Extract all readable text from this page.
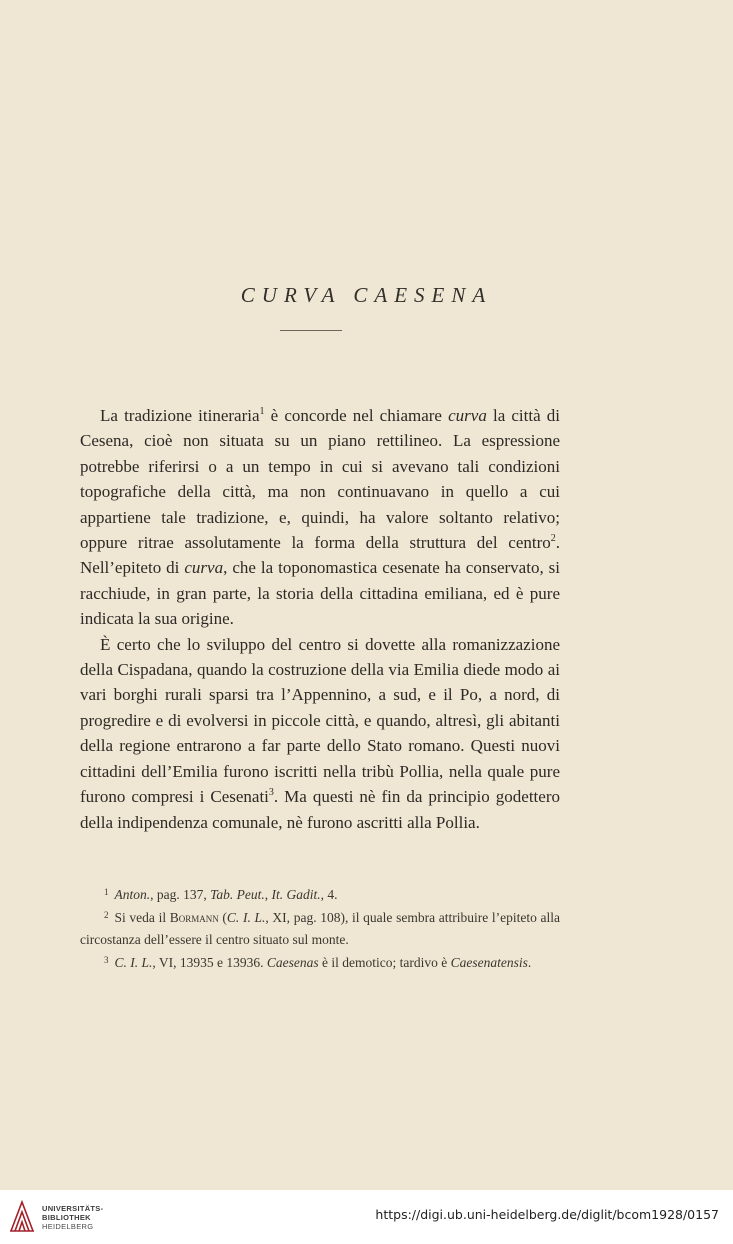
CURVA CAESENA

La tradizione itineraria$^1$ è concorde nel chiamare curva la città di Cesena, cioè non situata su un piano rettilineo. La espressione potrebbe riferirsi o a un tempo in cui si avevano tali condizioni topografiche della città, ma non continuavano in quello a cui appartiene tale tradizione, e, quindi, ha valore soltanto relativo; oppure ritrae assolutamente la forma della struttura del centro$^2$. Nell’epiteto di curva, che la toponomastica cesenate ha conservato, si racchiude, in gran parte, la storia della cittadina emiliana, ed è pure indicata la sua origine.

È certo che lo sviluppo del centro si dovette alla romanizzazione della Cispadana, quando la costruzione della via Emilia diede modo ai vari borghi rurali sparsi tra l’Appennino, a sud, e il Po, a nord, di progredire e di evolversi in piccole città, e quando, altresì, gli abitanti della regione entrarono a far parte dello Stato romano. Questi nuovi cittadini dell’Emilia furono iscritti nella tribù Pollia, nella quale pure furono compresi i Cesenati$^3$. Ma questi nè fin da principio godettero della indipendenza comunale, nè furono ascritti alla Pollia.

$^1$ Anton., pag. 137, Tab. Peut., It. Gadit., 4.

$^2$ Si veda il Bormann (C. I. L., XI, pag. 108), il quale sembra attribuire l’epiteto alla circostanza dell’essere il centro situato sul monte.

$^3$ C. I. L., VI, 13935 e 13936. Caesenas è il demotico; tardivo è Caesenatensis.

UNIVERSITÄTS-
BIBLIOTHEK
HEIDELBERG
https://digi.ub.uni-heidelberg.de/diglit/bcom1928/0157
